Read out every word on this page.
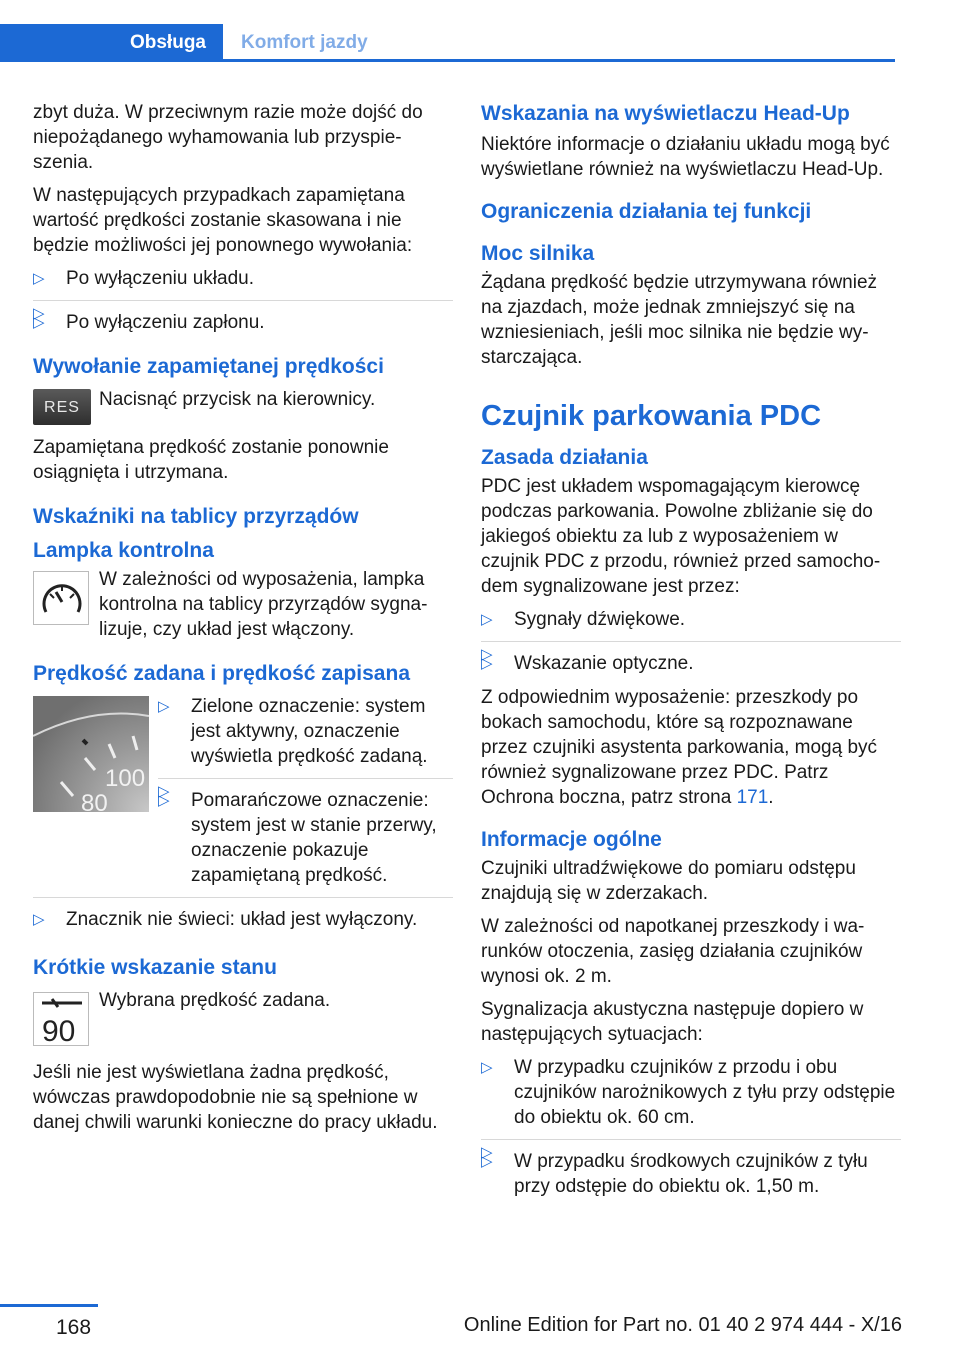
Obsługa	Komfort jazdy

zbyt duża. W przeciwnym razie może dojść do niepożądanego wyhamowania lub przyspieszenia.

W następujących przypadkach zapamiętana wartość prędkości zostanie skasowana i nie będzie możliwości jej ponownego wywołania:

▷ Po wyłączeniu układu.
▷
▷ Po wyłączeniu zapłonu.
Wywołanie zapamiętanej prędkości
RES	Nacisnąć przycisk na kierownicy.

Zapamiętana prędkość zostanie ponownie osiągnięta i utrzymana.

Wskaźniki na tablicy przyrządów
Lampka kontrolna
W zależności od wyposażenia, lampka kontrolna na tablicy przyrządów sygnalizuje, czy układ jest włączony.
Prędkość zadana i prędkość zapisana
100
80
▷ Zielone oznaczenie: system jest aktywny, oznaczenie wyświetla prędkość zadaną.
▷
▷ Pomarańczowe oznaczenie: system jest w stanie przerwy, oznaczenie pokazuje zapamiętaną prędkość.
▷ Znacznik nie świeci: układ jest wyłączony.
Krótkie wskazanie stanu
90
Wybrana prędkość zadana.

Jeśli nie jest wyświetlana żadna prędkość, wówczas prawdopodobnie nie są spełnione w danej chwili warunki konieczne do pracy układu.

Wskazania na wyświetlaczu Head-Up

Niektóre informacje o działaniu układu mogą być wyświetlane również na wyświetlaczu Head-Up.

Ograniczenia działania tej funkcji
Moc silnika

Żądana prędkość będzie utrzymywana również na zjazdach, może jednak zmniejszyć się na wzniesieniach, jeśli moc silnika nie będzie wystarczająca.

Czujnik parkowania PDC
Zasada działania

PDC jest układem wspomagającym kierowcę podczas parkowania. Powolne zbliżanie się do jakiegoś obiektu za lub z wyposażeniem w czujnik PDC z przodu, również przed samochodem sygnalizowane jest przez:

▷ Sygnały dźwiękowe.
▷
▷ Wskazanie optyczne.

Z odpowiednim wyposażenie: przeszkody po bokach samochodu, które są rozpoznawane przez czujniki asystenta parkowania, mogą być również sygnalizowane przez PDC. Patrz Ochrona boczna, patrz strona 171.

Informacje ogólne

Czujniki ultradźwiękowe do pomiaru odstępu znajdują się w zderzakach.

W zależności od napotkanej przeszkody i warunków otoczenia, zasięg działania czujników wynosi ok. 2 m.

Sygnalizacja akustyczna następuje dopiero w następujących sytuacjach:

▷ W przypadku czujników z przodu i obu czujników narożnikowych z tyłu przy odstępie do obiektu ok. 60 cm.
▷
▷ W przypadku środkowych czujników z tyłu przy odstępie do obiektu ok. 1,50 m.
168	Online Edition for Part no. 01 40 2 974 444 - X/16
